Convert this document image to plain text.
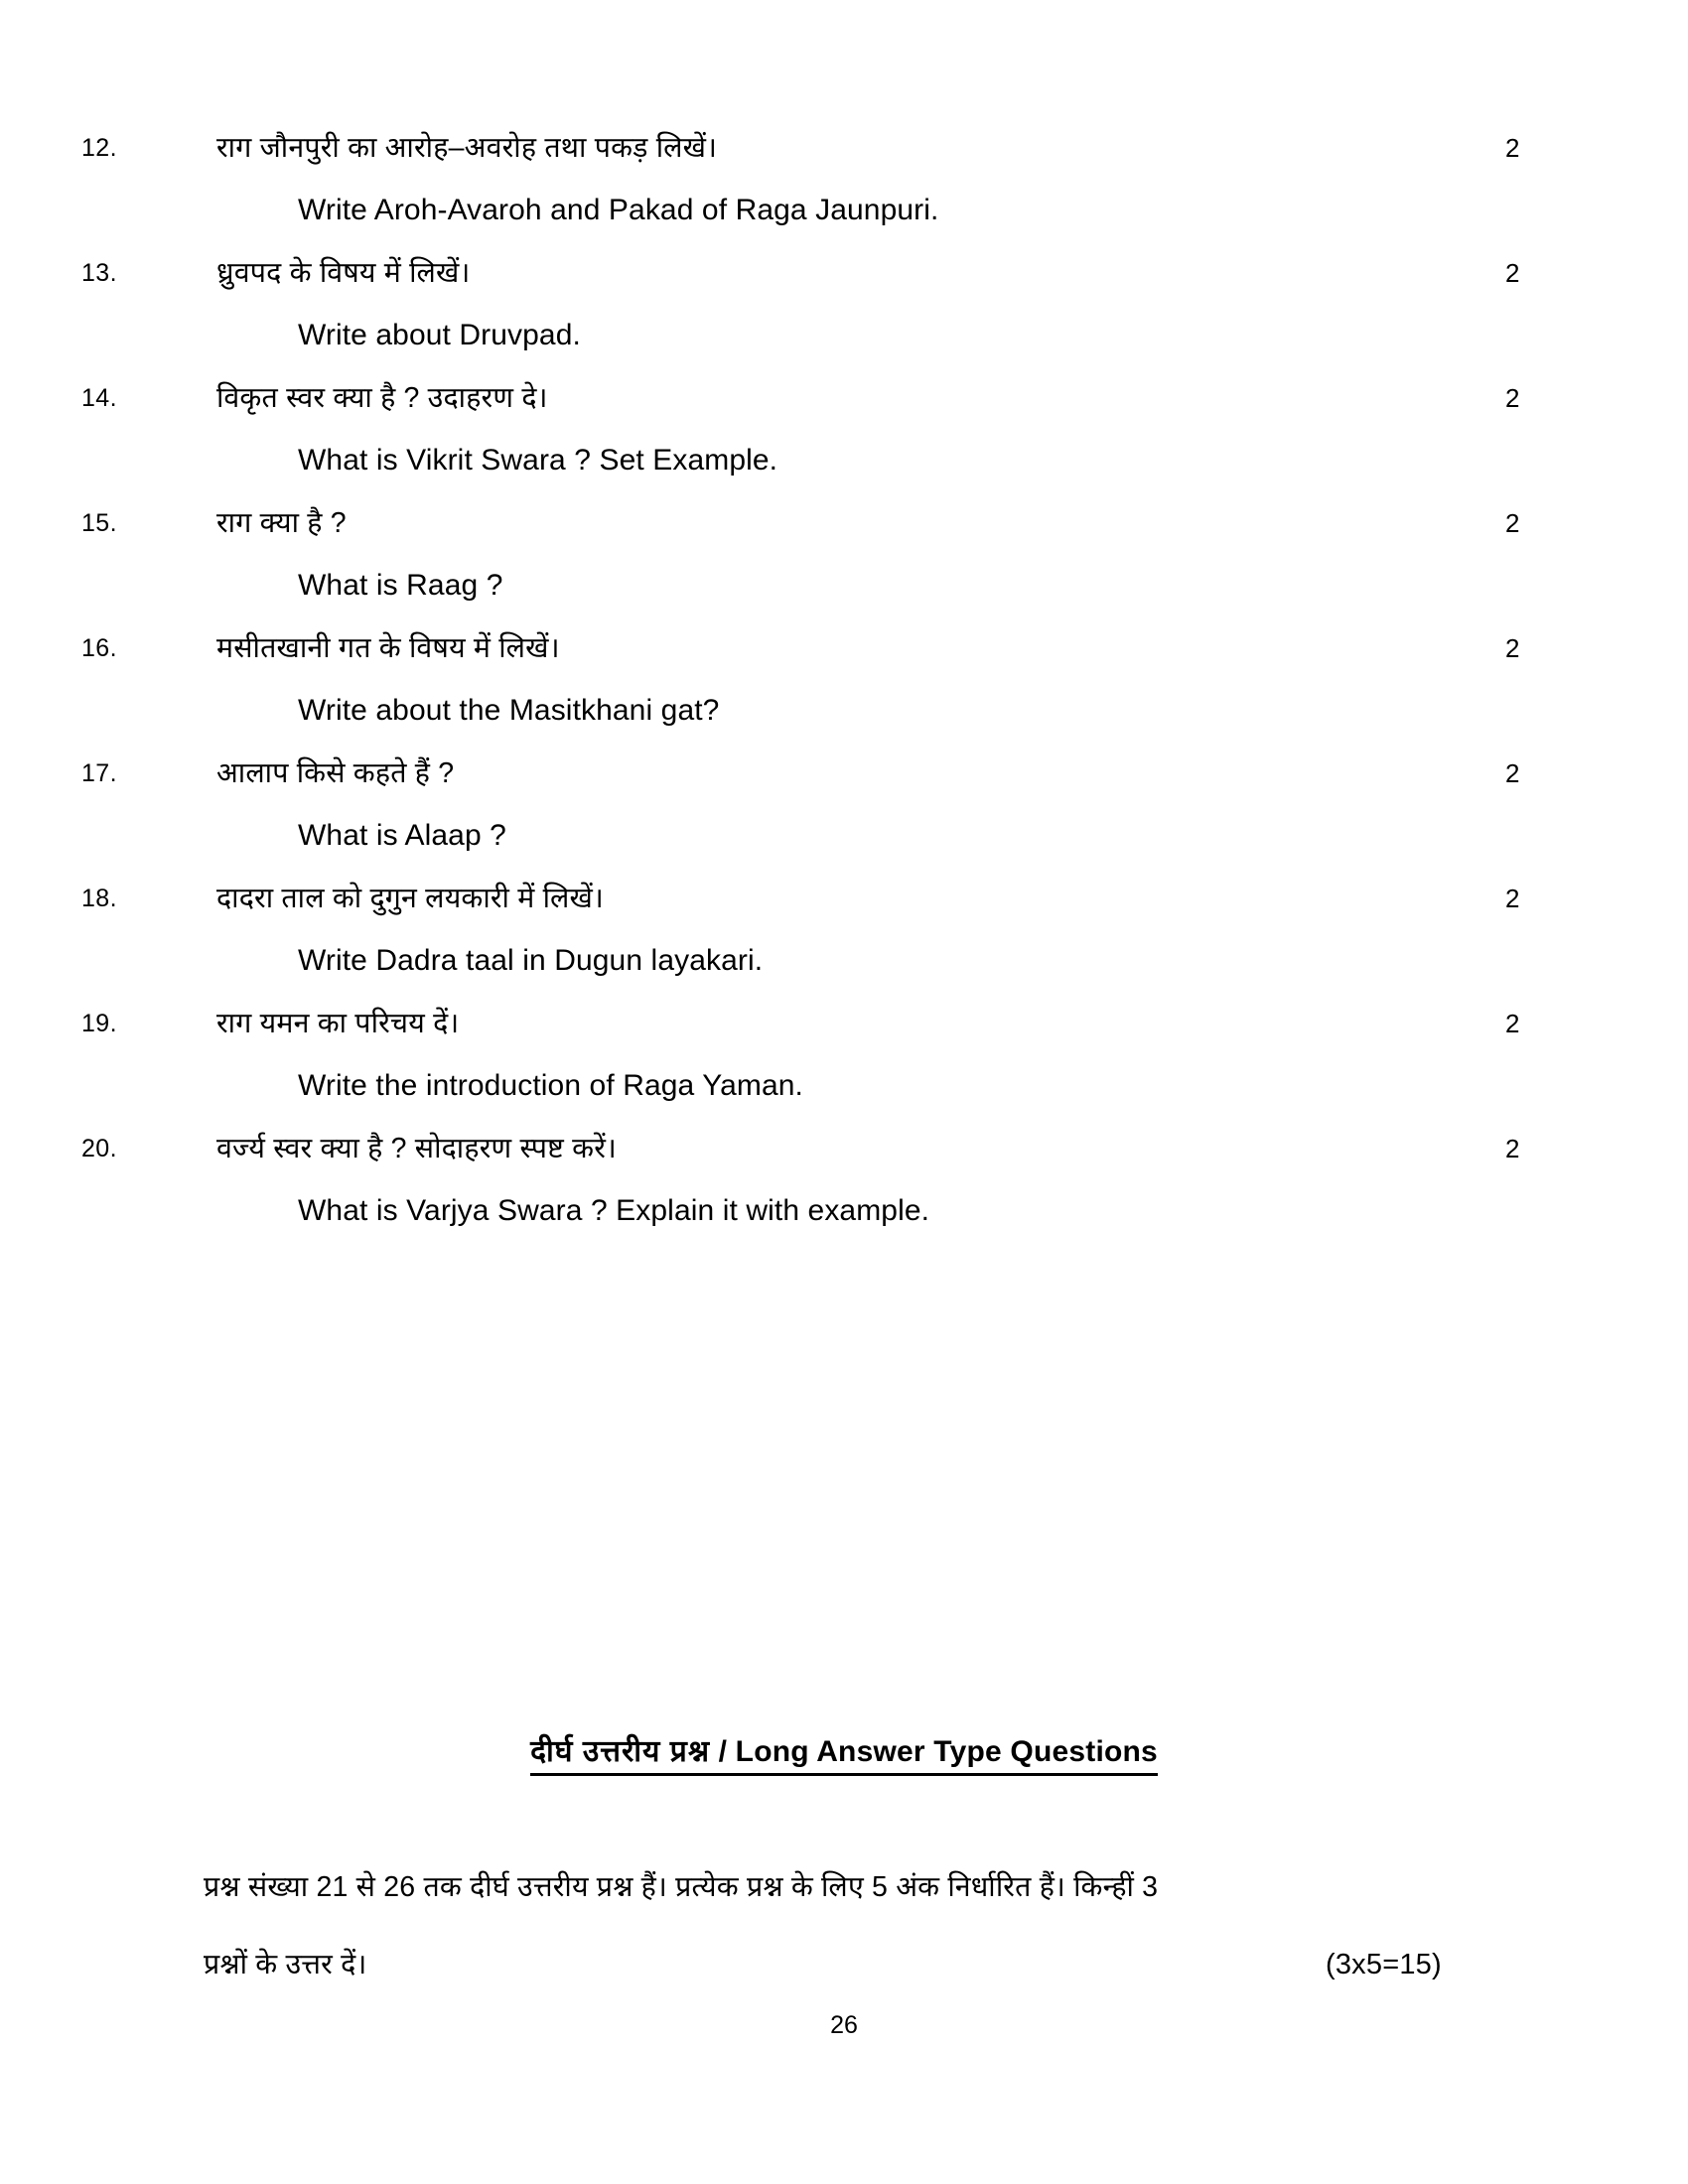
12.	राग जौनपुरी का आरोह–अवरोह तथा पकड़ लिखें।	2
Write Aroh-Avaroh and Pakad of Raga Jaunpuri.
13.	ध्रुवपद के विषय में लिखें।	2
Write about Druvpad.
14.	विकृत स्वर क्या है ? उदाहरण दे।	2
What is Vikrit Swara ? Set Example.
15.	राग क्या है ?	2
What is Raag ?
16.	मसीतखानी गत के विषय में लिखें।	2
Write about the Masitkhani gat?
17.	आलाप किसे कहते हैं ?	2
What is Alaap ?
18.	दादरा ताल को दुगुन लयकारी में लिखें।	2
Write Dadra taal in Dugun layakari.
19.	राग यमन का परिचय दें।	2
Write the introduction of Raga Yaman.
20.	वर्ज्य स्वर क्या है ? सोदाहरण स्पष्ट करें।	2
What is Varjya Swara ? Explain it with example.
दीर्घ उत्तरीय प्रश्न / Long Answer Type Questions
प्रश्न संख्या 21 से 26 तक दीर्घ उत्तरीय प्रश्न हैं। प्रत्येक प्रश्न के लिए 5 अंक निर्धारित हैं। किन्हीं 3
प्रश्नों के उत्तर दें।	(3x5=15)
26
